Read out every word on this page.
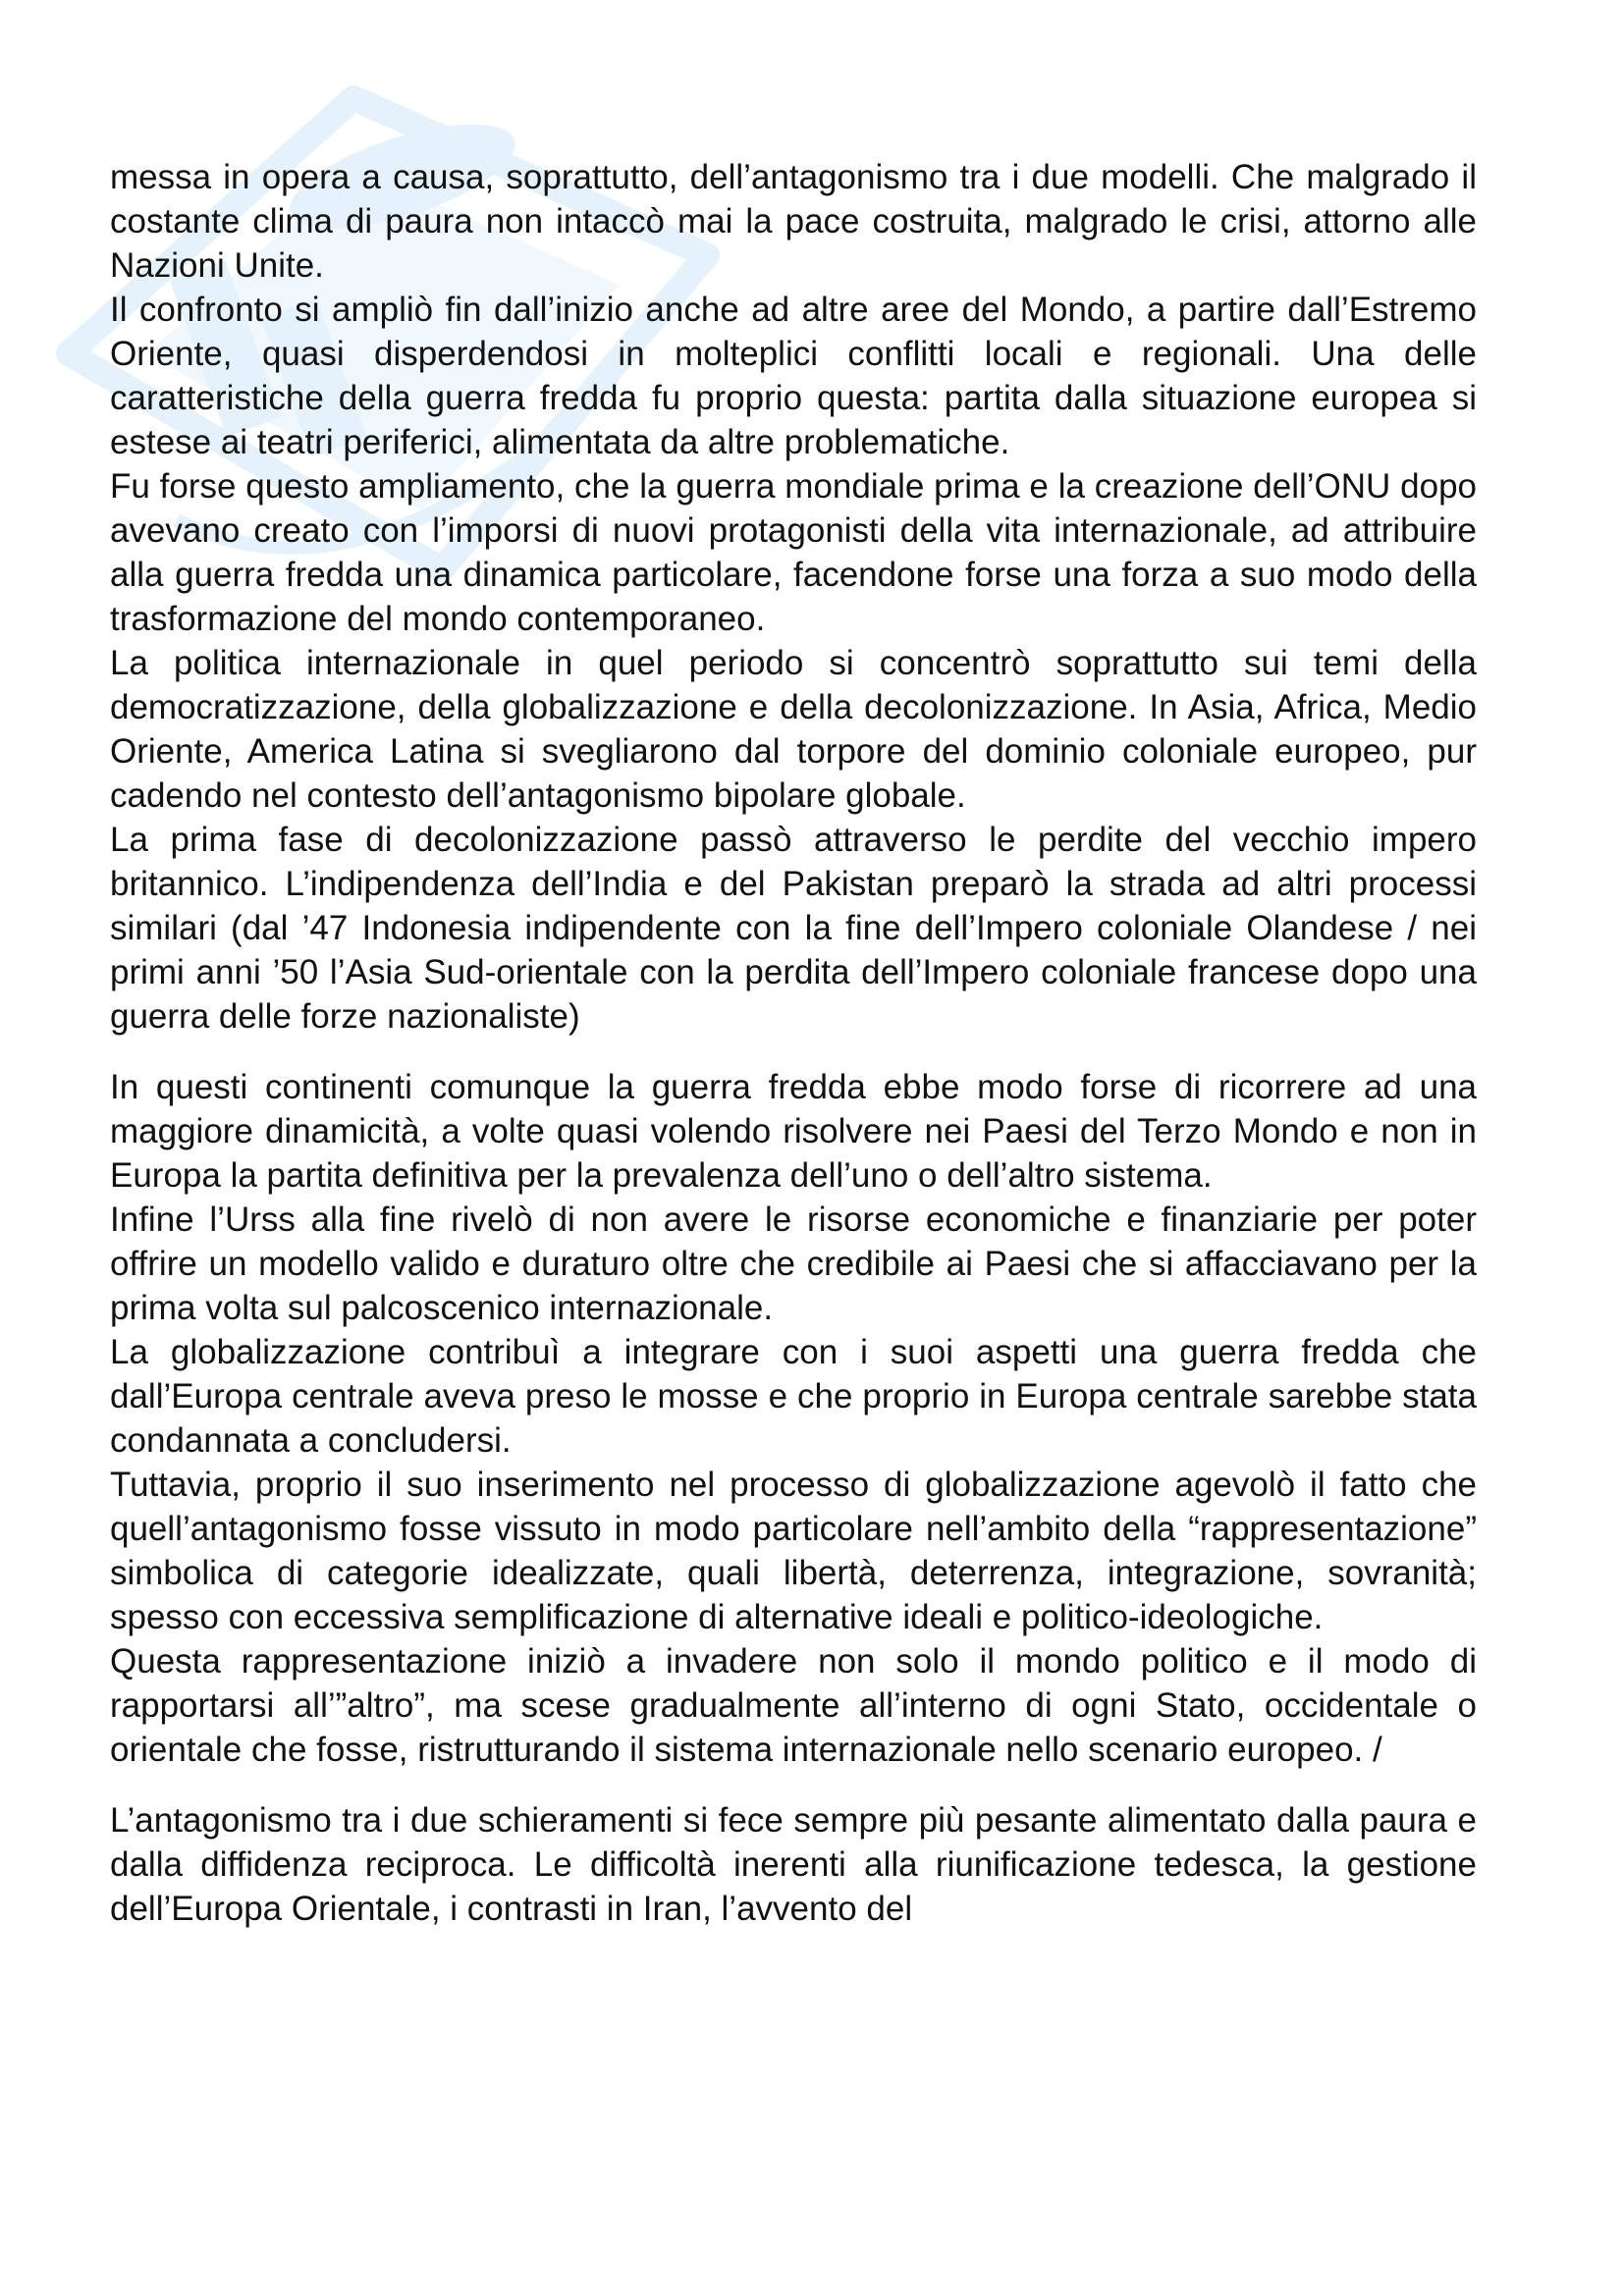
messa in opera a causa, soprattutto, dell’antagonismo tra i due modelli. Che malgrado il costante clima di paura non intaccò mai la pace costruita, malgrado le crisi, attorno alle Nazioni Unite.

Il confronto si ampliò fin dall’inizio anche ad altre aree del Mondo, a partire dall’Estremo Oriente, quasi disperdendosi in molteplici conflitti locali e regionali. Una delle caratteristiche della guerra fredda fu proprio questa: partita dalla situazione europea si estese ai teatri periferici, alimentata da altre problematiche.

Fu forse questo ampliamento, che la guerra mondiale prima e la creazione dell’ONU dopo avevano creato con l’imporsi di nuovi protagonisti della vita internazionale, ad attribuire alla guerra fredda una dinamica particolare, facendone forse una forza a suo modo della trasformazione del mondo contemporaneo.

La politica internazionale in quel periodo si concentrò soprattutto sui temi della democratizzazione, della globalizzazione e della decolonizzazione. In Asia, Africa, Medio Oriente, America Latina si svegliarono dal torpore del dominio coloniale europeo, pur cadendo nel contesto dell’antagonismo bipolare globale.

La prima fase di decolonizzazione passò attraverso le perdite del vecchio impero britannico. L’indipendenza dell’India e del Pakistan preparò la strada ad altri processi similari (dal ’47 Indonesia indipendente con la fine dell’Impero coloniale Olandese / nei primi anni ’50 l’Asia Sud-orientale con la perdita dell’Impero coloniale francese dopo una guerra delle forze nazionaliste)

In questi continenti comunque la guerra fredda ebbe modo forse di ricorrere ad una maggiore dinamicità, a volte quasi volendo risolvere nei Paesi del Terzo Mondo e non in Europa la partita definitiva per la prevalenza dell’uno o dell’altro sistema.

Infine l’Urss alla fine rivelò di non avere le risorse economiche e finanziarie per poter offrire un modello valido e duraturo oltre che credibile ai Paesi che si affacciavano per la prima volta sul palcoscenico internazionale.

La globalizzazione contribuì a integrare con i suoi aspetti una guerra fredda che dall’Europa centrale aveva preso le mosse e che proprio in Europa centrale sarebbe stata condannata a concludersi.

Tuttavia, proprio il suo inserimento nel processo di globalizzazione agevolò il fatto che quell’antagonismo fosse vissuto in modo particolare nell’ambito della “rappresentazione” simbolica di categorie idealizzate, quali libertà, deterrenza, integrazione, sovranità; spesso con eccessiva semplificazione di alternative ideali e politico-ideologiche.

Questa rappresentazione iniziò a invadere non solo il mondo politico e il modo di rapportarsi all’”altro”, ma scese gradualmente all’interno di ogni Stato, occidentale o orientale che fosse, ristrutturando il sistema internazionale nello scenario europeo. /

L’antagonismo tra i due schieramenti si fece sempre più pesante alimentato dalla paura e dalla diffidenza reciproca. Le difficoltà inerenti alla riunificazione tedesca, la gestione dell’Europa Orientale, i contrasti in Iran, l’avvento del
